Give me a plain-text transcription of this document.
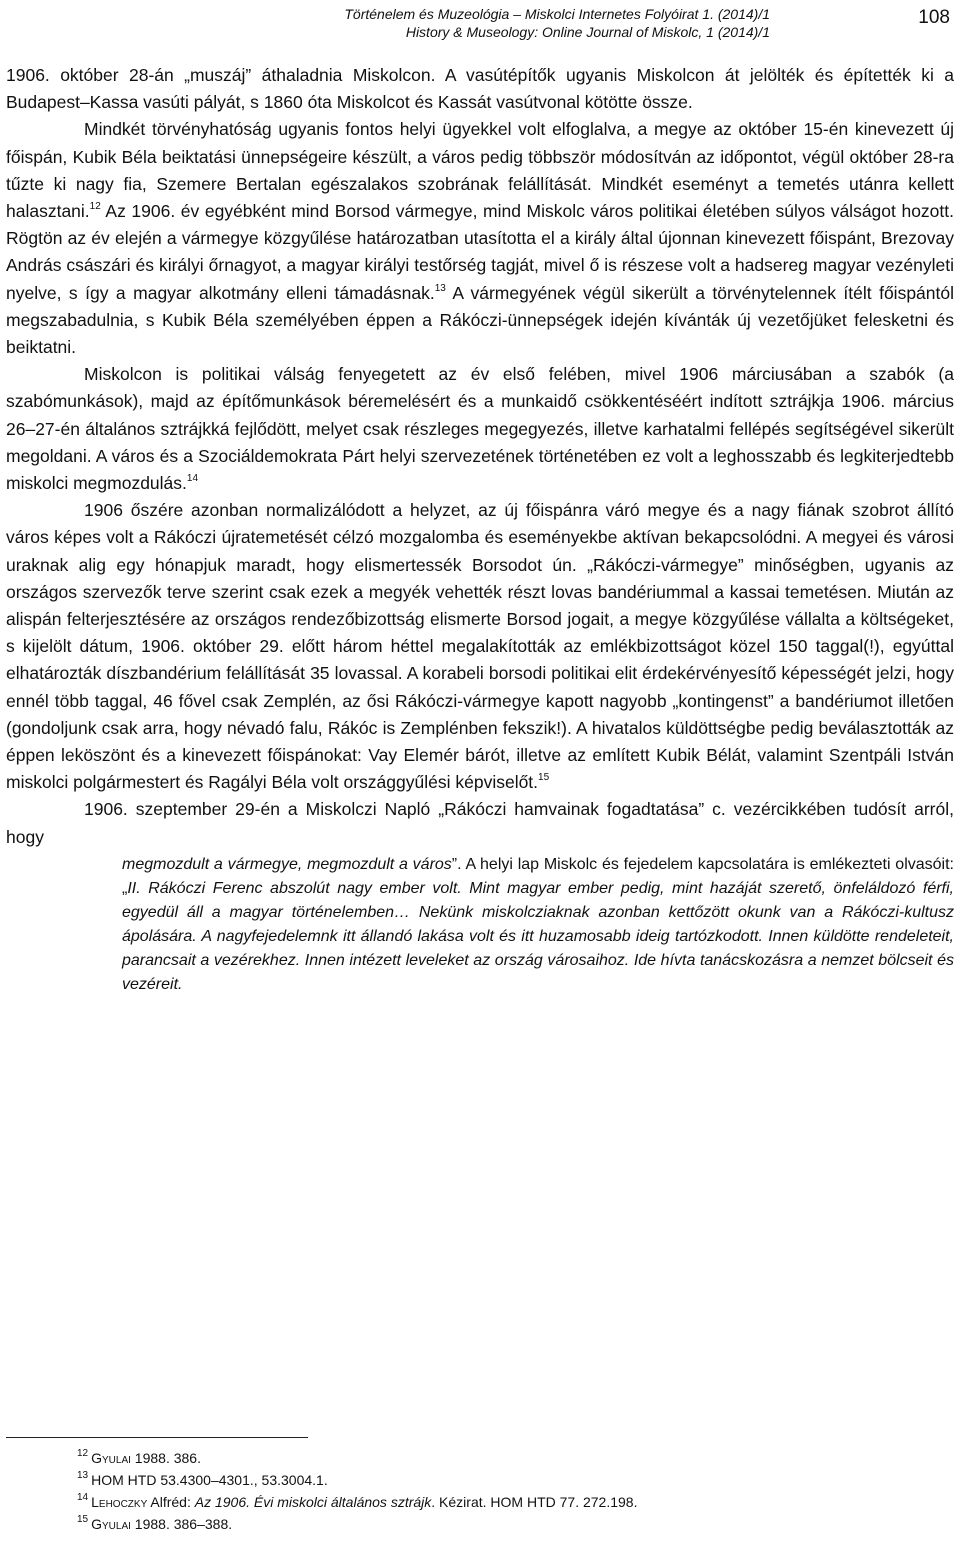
Történelem és Muzeológia – Miskolci Internetes Folyóirat 1. (2014)/1
History & Museology: Online Journal of Miskolc, 1 (2014)/1
108

1906. október 28-án „muszáj” áthaladnia Miskolcon. A vasútépítők ugyanis Miskolcon át jelölték és építették ki a Budapest–Kassa vasúti pályát, s 1860 óta Miskolcot és Kassát vasútvonal kötötte össze.

Mindkét törvényhatóság ugyanis fontos helyi ügyekkel volt elfoglalva, a megye az október 15-én kinevezett új főispán, Kubik Béla beiktatási ünnepségeire készült, a város pedig többször módosítván az időpontot, végül október 28-ra tűzte ki nagy fia, Szemere Bertalan egészalakos szobrának felállítását. Mindkét eseményt a temetés utánra kellett halasztani.$^{12}$ Az 1906. év egyébként mind Borsod vármegye, mind Miskolc város politikai életében súlyos válságot hozott. Rögtön az év elején a vármegye közgyűlése határozatban utasította el a király által újonnan kinevezett főispánt, Brezovay András császári és királyi őrnagyot, a magyar királyi testőrség tagját, mivel ő is részese volt a hadsereg magyar vezényleti nyelve, s így a magyar alkotmány elleni támadásnak.$^{13}$ A vármegyének végül sikerült a törvénytelennek ítélt főispántól megszabadulnia, s Kubik Béla személyében éppen a Rákóczi-ünnepségek idején kívánták új vezetőjüket felesketni és beiktatni.

Miskolcon is politikai válság fenyegetett az év első felében, mivel 1906 márciusában a szabók (a szabómunkások), majd az építőmunkások béremelésért és a munkaidő csökkentéséért indított sztrájkja 1906. március 26–27-én általános sztrájkká fejlődött, melyet csak részleges megegyezés, illetve karhatalmi fellépés segítségével sikerült megoldani. A város és a Szociáldemokrata Párt helyi szervezetének történetében ez volt a leghosszabb és legkiterjedtebb miskolci megmozdulás.$^{14}$

1906 őszére azonban normalizálódott a helyzet, az új főispánra váró megye és a nagy fiának szobrot állító város képes volt a Rákóczi újratemetését célzó mozgalomba és eseményekbe aktívan bekapcsolódni. A megyei és városi uraknak alig egy hónapjuk maradt, hogy elismertessék Borsodot ún. „Rákóczi-vármegye” minőségben, ugyanis az országos szervezők terve szerint csak ezek a megyék vehették részt lovas bandériummal a kassai temetésen. Miután az alispán felterjesztésére az országos rendezőbizottság elismerte Borsod jogait, a megye közgyűlése vállalta a költségeket, s kijelölt dátum, 1906. október 29. előtt három héttel megalakították az emlékbizottságot közel 150 taggal(!), egyúttal elhatározták díszbandérium felállítását 35 lovassal. A korabeli borsodi politikai elit érdekérvényesítő képességét jelzi, hogy ennél több taggal, 46 fővel csak Zemplén, az ősi Rákóczi-vármegye kapott nagyobb „kontingenst” a bandériumot illetően (gondoljunk csak arra, hogy névadó falu, Rákóc is Zemplénben fekszik!). A hivatalos küldöttségbe pedig beválasztották az éppen leköszönt és a kinevezett főispánokat: Vay Elemér bárót, illetve az említett Kubik Bélát, valamint Szentpáli István miskolci polgármestert és Ragályi Béla volt országgyűlési képviselőt.$^{15}$

1906. szeptember 29-én a Miskolczi Napló „Rákóczi hamvainak fogadtatása” c. vezércikkében tudósít arról, hogy

megmozdult a vármegye, megmozdult a város”. A helyi lap Miskolc és fejedelem kapcsolatára is emlékezteti olvasóit: „II. Rákóczi Ferenc abszolút nagy ember volt. Mint magyar ember pedig, mint hazáját szerető, önfeláldozó férfi, egyedül áll a magyar történelemben… Nekünk miskolcziaknak azonban kettőzött okunk van a Rákóczi-kultusz ápolására. A nagyfejedelemnk itt állandó lakása volt és itt huzamosabb ideig tartózkodott. Innen küldötte rendeleteit, parancsait a vezérekhez. Innen intézett leveleket az ország városaihoz. Ide hívta tanácskozásra a nemzet bölcseit és vezéreit.

$^{12}$ Gyulai 1988. 386.
$^{13}$ HOM HTD 53.4300–4301., 53.3004.1.
$^{14}$ Lehoczky Alfréd: Az 1906. Évi miskolci általános sztrájk. Kézirat. HOM HTD 77. 272.198.
$^{15}$ Gyulai 1988. 386–388.
